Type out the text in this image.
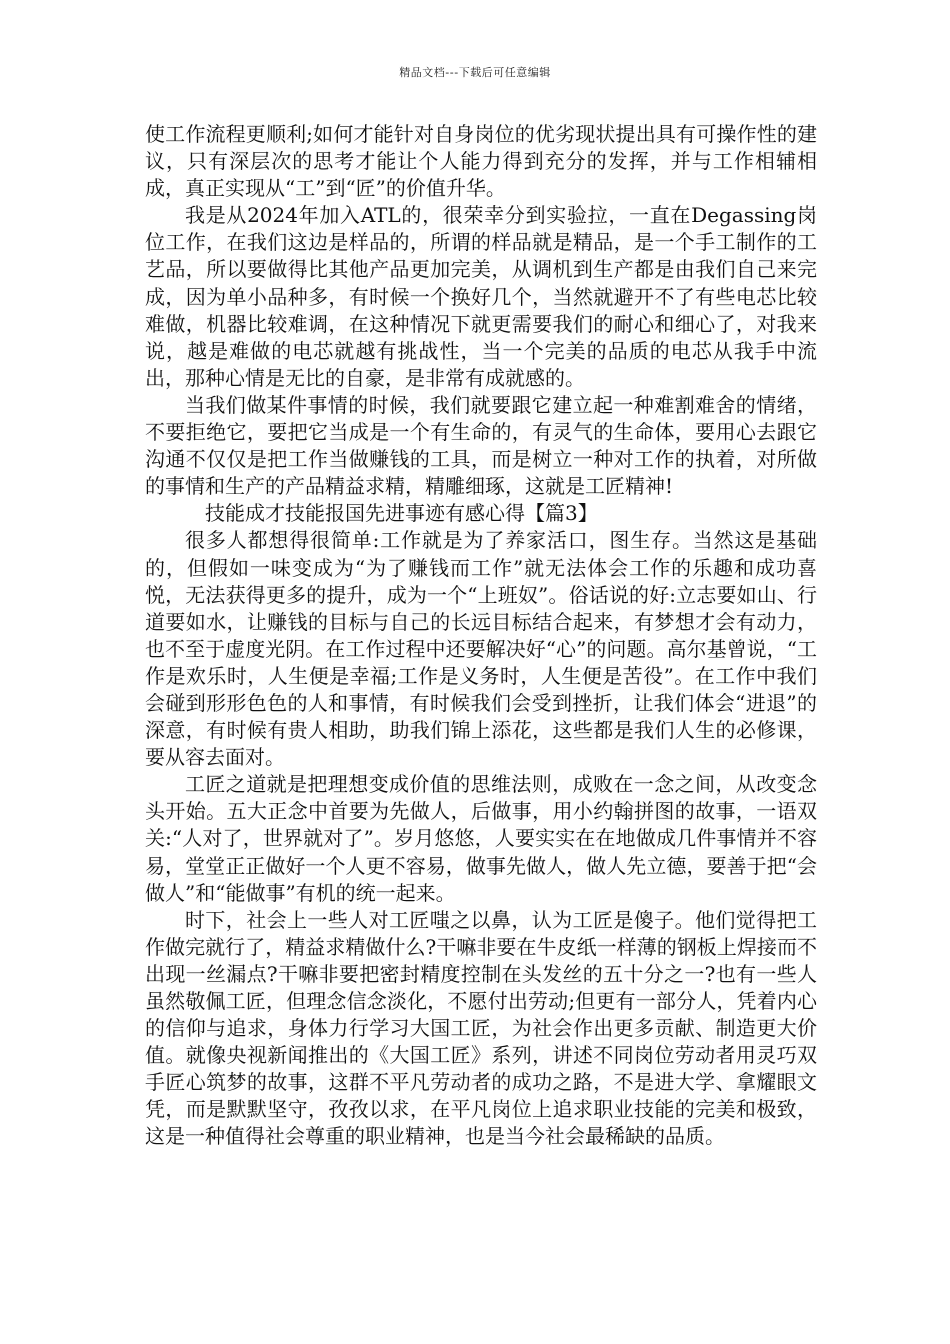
精品文档---下载后可任意编辑

使工作流程更顺利;如何才能针对自身岗位的优劣现状提出具有可操作性的建议，只有深层次的思考才能让个人能力得到充分的发挥，并与工作相辅相成，真正实现从“工”到“匠”的价值升华。

我是从2024年加入ATL的，很荣幸分到实验拉，一直在Degassing岗位工作，在我们这边是样品的，所谓的样品就是精品，是一个手工制作的工艺品，所以要做得比其他产品更加完美，从调机到生产都是由我们自己来完成，因为单小品种多，有时候一个换好几个，当然就避开不了有些电芯比较难做，机器比较难调，在这种情况下就更需要我们的耐心和细心了，对我来说，越是难做的电芯就越有挑战性，当一个完美的品质的电芯从我手中流出，那种心情是无比的自豪，是非常有成就感的。

当我们做某件事情的时候，我们就要跟它建立起一种难割难舍的情绪，不要拒绝它，要把它当成是一个有生命的，有灵气的生命体，要用心去跟它沟通不仅仅是把工作当做赚钱的工具，而是树立一种对工作的执着，对所做的事情和生产的产品精益求精，精雕细琢，这就是工匠精神!

技能成才技能报国先进事迹有感心得【篇3】

很多人都想得很简单:工作就是为了养家活口，图生存。当然这是基础的，但假如一味变成为“为了赚钱而工作”就无法体会工作的乐趣和成功喜悦，无法获得更多的提升，成为一个“上班奴”。俗话说的好:立志要如山、行道要如水，让赚钱的目标与自己的长远目标结合起来，有梦想才会有动力，也不至于虚度光阴。在工作过程中还要解决好“心”的问题。高尔基曾说，“工作是欢乐时，人生便是幸福;工作是义务时，人生便是苦役”。在工作中我们会碰到形形色色的人和事情，有时候我们会受到挫折，让我们体会“进退”的深意，有时候有贵人相助，助我们锦上添花，这些都是我们人生的必修课，要从容去面对。

工匠之道就是把理想变成价值的思维法则，成败在一念之间，从改变念头开始。五大正念中首要为先做人，后做事，用小约翰拼图的故事，一语双关:“人对了，世界就对了”。岁月悠悠，人要实实在在地做成几件事情并不容易，堂堂正正做好一个人更不容易，做事先做人，做人先立德，要善于把“会做人”和“能做事”有机的统一起来。

时下，社会上一些人对工匠嗤之以鼻，认为工匠是傻子。他们觉得把工作做完就行了，精益求精做什么?干嘛非要在牛皮纸一样薄的钢板上焊接而不出现一丝漏点?干嘛非要把密封精度控制在头发丝的五十分之一?也有一些人虽然敬佩工匠，但理念信念淡化，不愿付出劳动;但更有一部分人，凭着内心的信仰与追求，身体力行学习大国工匠，为社会作出更多贡献、制造更大价值。就像央视新闻推出的《大国工匠》系列，讲述不同岗位劳动者用灵巧双手匠心筑梦的故事，这群不平凡劳动者的成功之路，不是进大学、拿耀眼文凭，而是默默坚守，孜孜以求，在平凡岗位上追求职业技能的完美和极致，这是一种值得社会尊重的职业精神，也是当今社会最稀缺的品质。
